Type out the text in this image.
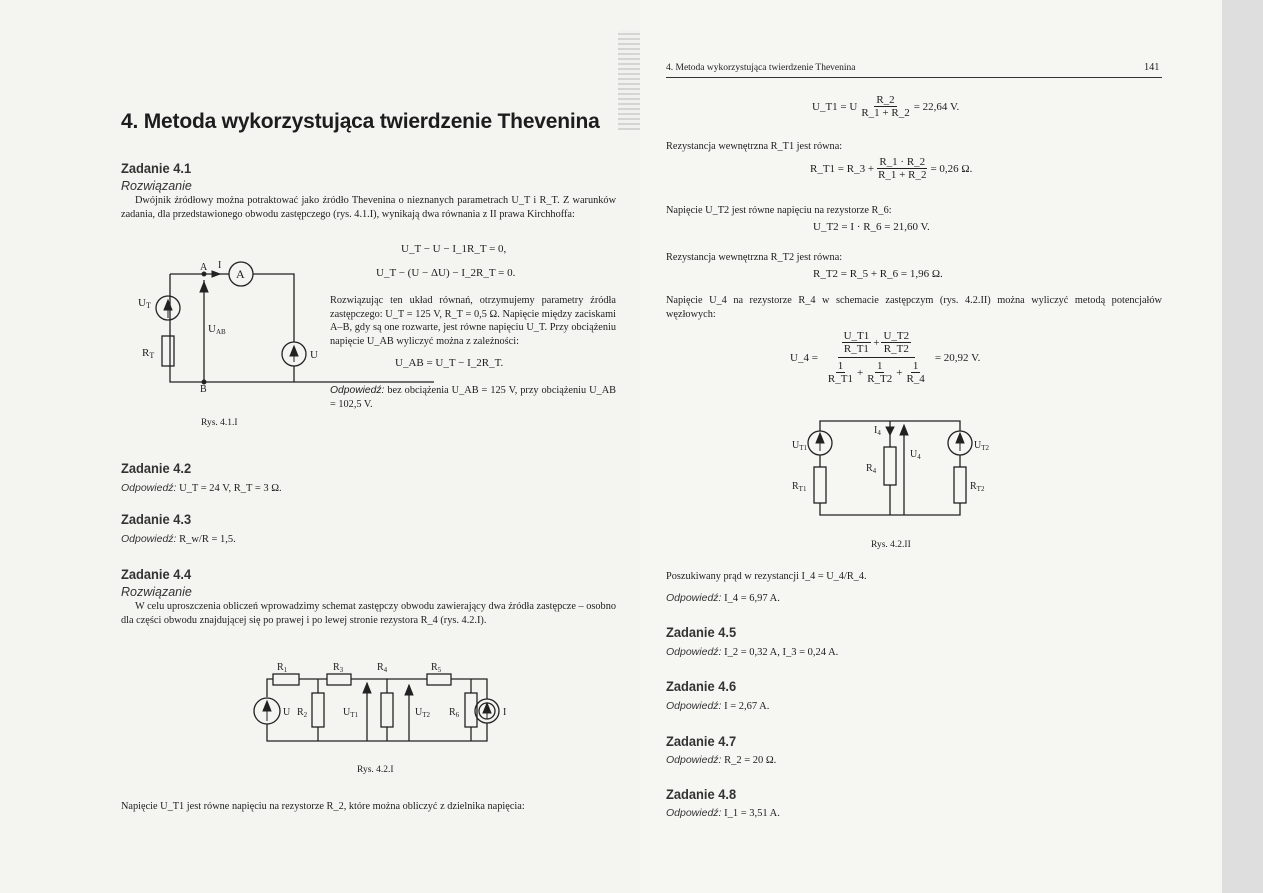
4. Metoda wykorzystująca twierdzenie Thevenina
Zadanie 4.1
Rozwiązanie
Dwójnik źródłowy można potraktować jako źródło Thevenina o nieznanych parametrach U_T i R_T. Z warunków zadania, dla przedstawionego obwodu zastępczego (rys. 4.1.I), wynikają dwa równania z II prawa Kirchhoffa:
U_T − U − I_1R_T = 0,
U_T − (U − ΔU) − I_2R_T = 0.
UT
RT
UAB
A
B
I
A
U
Rys. 4.1.I
Rozwiązując ten układ równań, otrzymujemy parametry źródła zastępczego: U_T = 125 V, R_T = 0,5 Ω. Napięcie między zaciskami A–B, gdy są one rozwarte, jest równe napięciu U_T. Przy obciążeniu napięcie U_AB wyliczyć można z zależności:
U_AB = U_T − I_2R_T.
Odpowiedź: bez obciążenia U_AB = 125 V, przy obciążeniu U_AB = 102,5 V.
Zadanie 4.2
Odpowiedź: U_T = 24 V, R_T = 3 Ω.
Zadanie 4.3
Odpowiedź: R_w/R = 1,5.
Zadanie 4.4
Rozwiązanie
W celu uproszczenia obliczeń wprowadzimy schemat zastępczy obwodu zawierający dwa źródła zastępcze – osobno dla części obwodu znajdującej się po prawej i po lewej stronie rezystora R_4 (rys. 4.2.I).
$R_1$	$R_3$	$R_4$	$R_5$
$R_2$
U	$U_{T1}$	$U_{T2}$ $R_6$	I
Rys. 4.2.I
Napięcie U_T1 jest równe napięciu na rezystorze R_2, które można obliczyć z dzielnika napięcia:
4. Metoda wykorzystująca twierdzenie Thevenina	141
U_T1 = U $\frac{R\_2}{R\_1 + R\_2} = 22,64$ V.
Rezystancja wewnętrzna R_T1 jest równa:
R_T1 = R_3 + $\frac{R\_1 \cdot R\_2}{R\_1 + R\_2} = 0,26$ Ω.
Napięcie U_T2 jest równe napięciu na rezystorze R_6:
U_T2 = I · R_6 = 21,60 V.
Rezystancja wewnętrzna R_T2 jest równa:
R_T2 = R_5 + R_6 = 1,96 Ω.
Napięcie U_4 na rezystorze R_4 w schemacie zastępczym (rys. 4.2.II) można wyliczyć metodą potencjałów węzłowych:
U_4 =
$\frac{U\_T1}{R\_T1} + \frac{U\_T2}{R\_T2}$
$\frac{1}{R\_T1} + \frac{1}{R\_T2} + \frac{1}{R\_4}$
= 20,92 V.
$U_{T1}$	$U_{T2}$
$R_{T1}$	$R_{T2}$
$R_4$
$U_4$
$I_4$
Rys. 4.2.II
Poszukiwany prąd w rezystancji I_4 = U_4/R_4.
Odpowiedź: I_4 = 6,97 A.
Zadanie 4.5
Odpowiedź: I_2 = 0,32 A, I_3 = 0,24 A.
Zadanie 4.6
Odpowiedź: I = 2,67 A.
Zadanie 4.7
Odpowiedź: R_2 = 20 Ω.
Zadanie 4.8
Odpowiedź: I_1 = 3,51 A.
